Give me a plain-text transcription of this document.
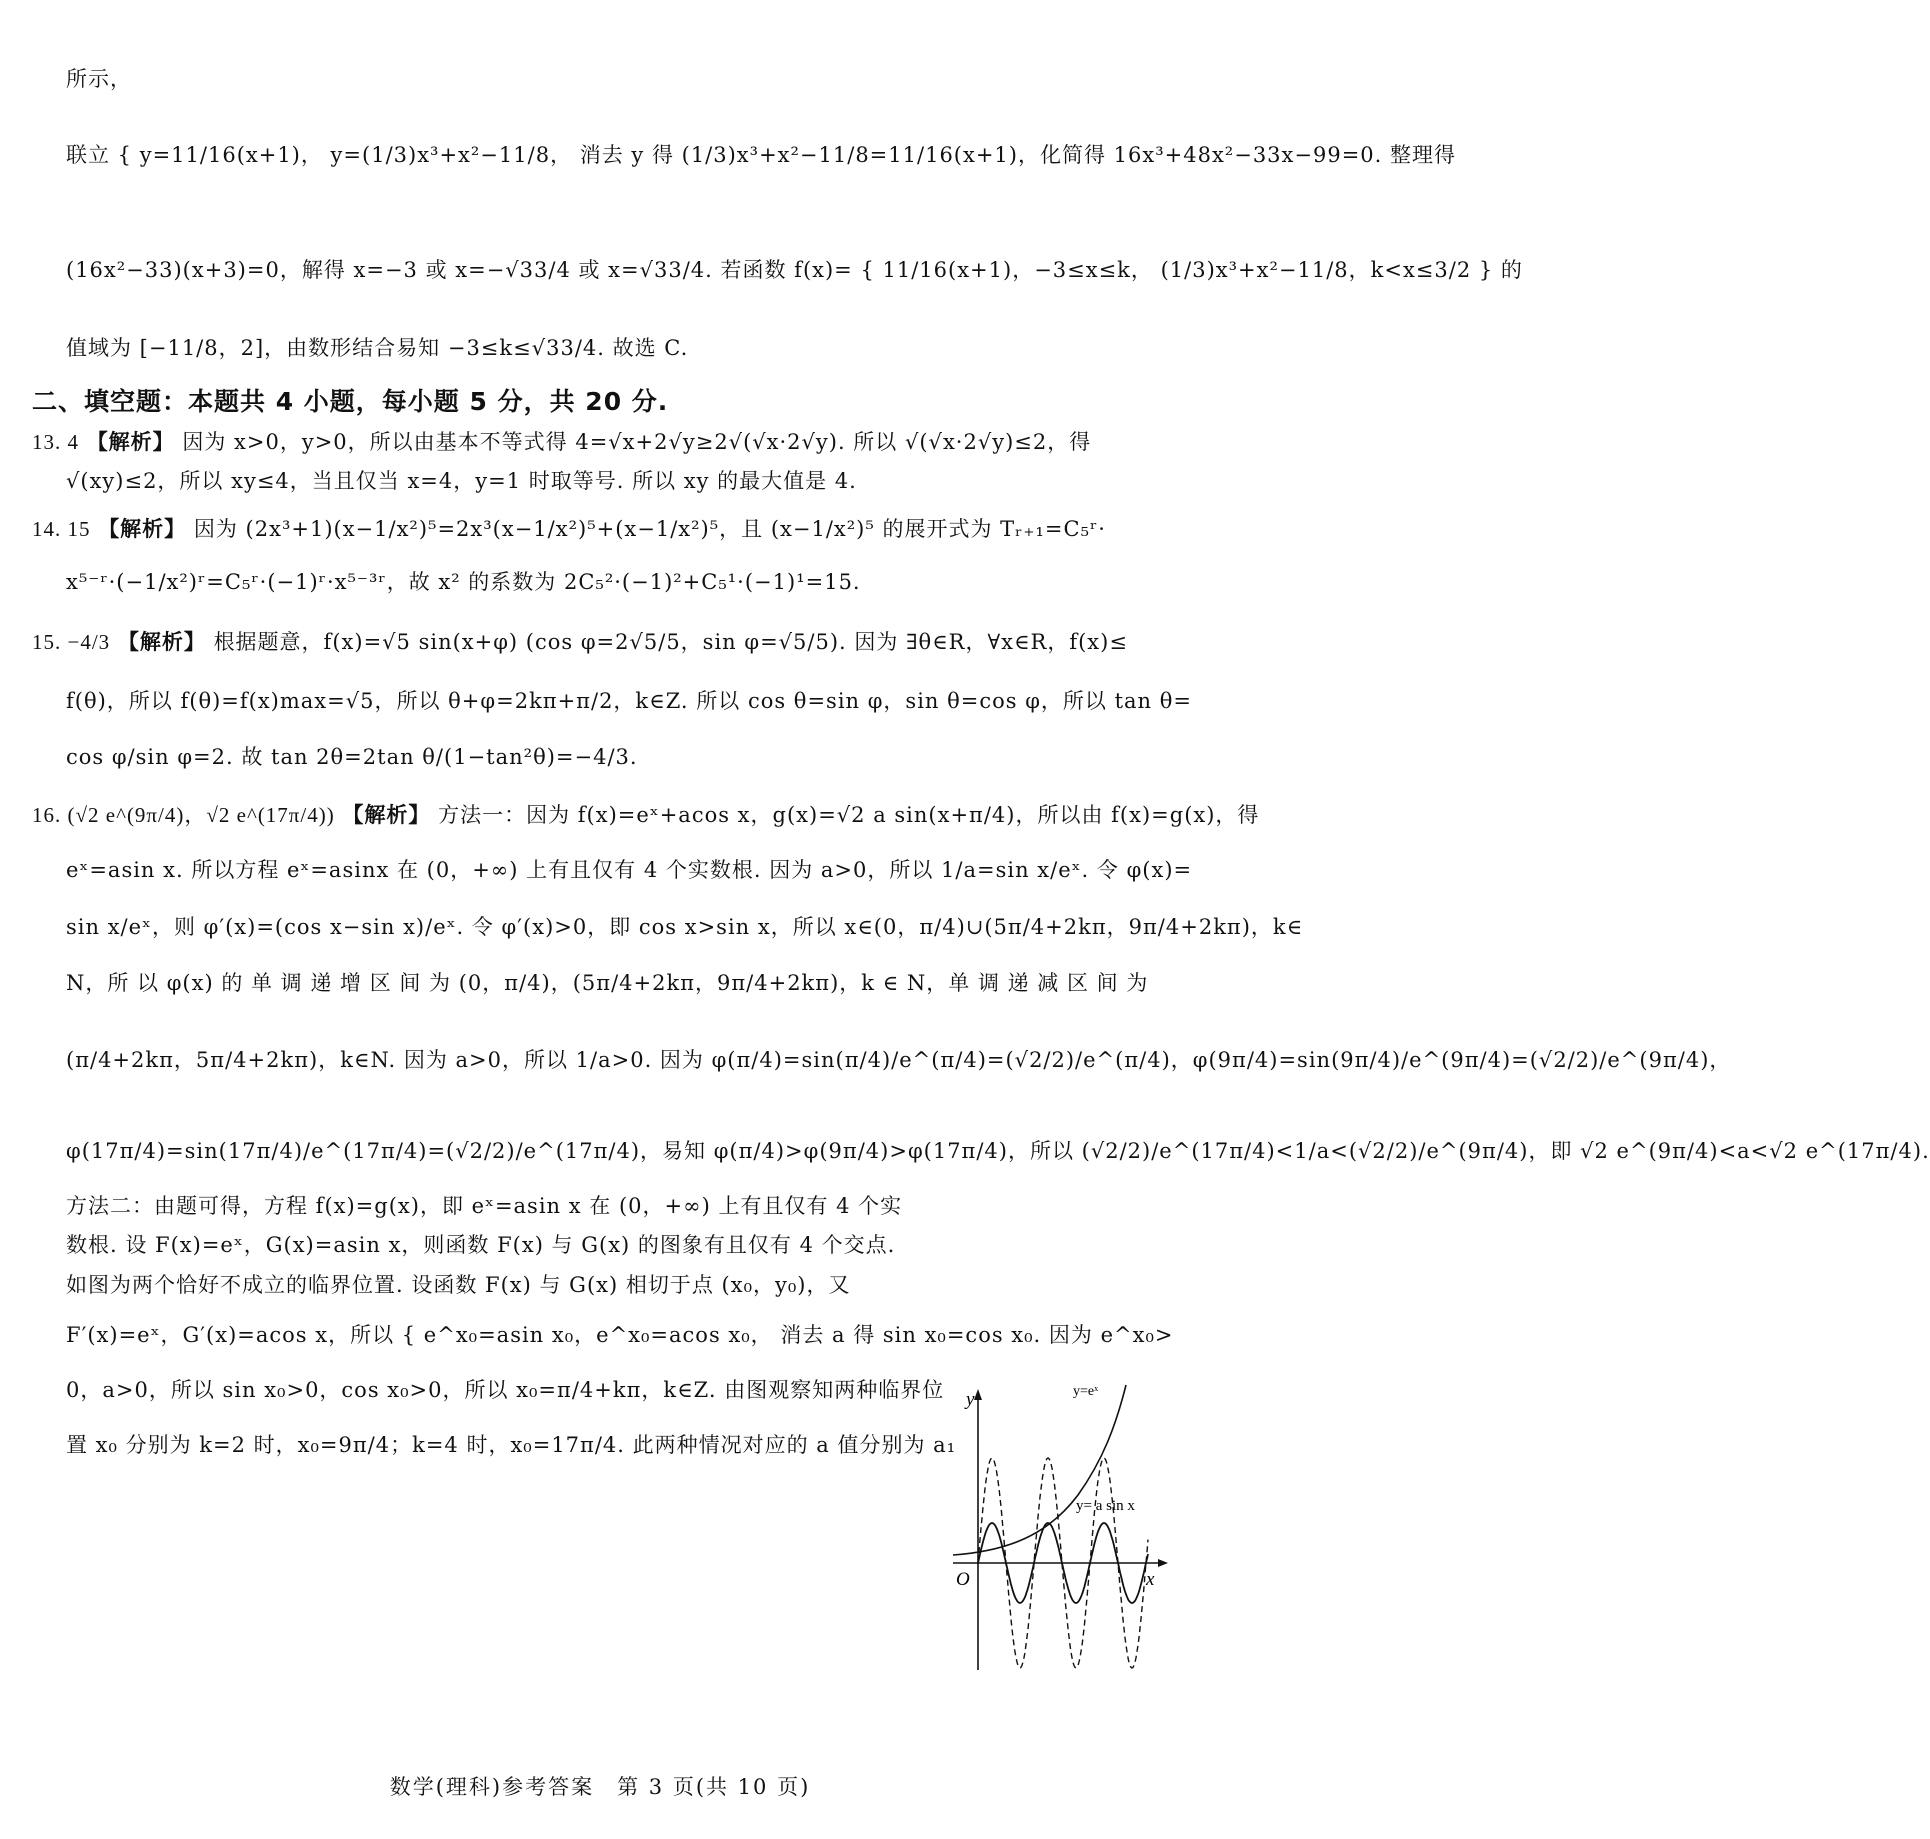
所示，
联立 { y=11/16(x+1)， y=(1/3)x³+x²−11/8， 消去 y 得 (1/3)x³+x²−11/8=11/16(x+1)，化简得 16x³+48x²−33x−99=0. 整理得
(16x²−33)(x+3)=0，解得 x=−3 或 x=−√33/4 或 x=√33/4. 若函数 f(x)= { 11/16(x+1)，−3≤x≤k， (1/3)x³+x²−11/8，k<x≤3/2 } 的
值域为 [−11/8，2]，由数形结合易知 −3≤k≤√33/4. 故选 C.
二、填空题：本题共 4 小题，每小题 5 分，共 20 分.
13. 4 【解析】 因为 x>0，y>0，所以由基本不等式得 4=√x+2√y≥2√(√x·2√y). 所以 √(√x·2√y)≤2，得
√(xy)≤2，所以 xy≤4，当且仅当 x=4，y=1 时取等号. 所以 xy 的最大值是 4.
14. 15 【解析】 因为 (2x³+1)(x−1/x²)⁵=2x³(x−1/x²)⁵+(x−1/x²)⁵，且 (x−1/x²)⁵ 的展开式为 Tᵣ₊₁=C₅ʳ·
x⁵⁻ʳ·(−1/x²)ʳ=C₅ʳ·(−1)ʳ·x⁵⁻³ʳ，故 x² 的系数为 2C₅²·(−1)²+C₅¹·(−1)¹=15.
15. −4/3 【解析】 根据题意，f(x)=√5 sin(x+φ) (cos φ=2√5/5，sin φ=√5/5). 因为 ∃θ∈R，∀x∈R，f(x)≤
f(θ)，所以 f(θ)=f(x)max=√5，所以 θ+φ=2kπ+π/2，k∈Z. 所以 cos θ=sin φ，sin θ=cos φ，所以 tan θ=
cos φ/sin φ=2. 故 tan 2θ=2tan θ/(1−tan²θ)=−4/3.
16. (√2 e^(9π/4)，√2 e^(17π/4)) 【解析】 方法一：因为 f(x)=eˣ+acos x，g(x)=√2 a sin(x+π/4)，所以由 f(x)=g(x)，得
eˣ=asin x. 所以方程 eˣ=asinx 在 (0，+∞) 上有且仅有 4 个实数根. 因为 a>0，所以 1/a=sin x/eˣ. 令 φ(x)=
sin x/eˣ，则 φ′(x)=(cos x−sin x)/eˣ. 令 φ′(x)>0，即 cos x>sin x，所以 x∈(0，π/4)∪(5π/4+2kπ，9π/4+2kπ)，k∈
N，所 以 φ(x) 的 单 调 递 增 区 间 为 (0，π/4)，(5π/4+2kπ，9π/4+2kπ)，k ∈ N，单 调 递 减 区 间 为
(π/4+2kπ，5π/4+2kπ)，k∈N. 因为 a>0，所以 1/a>0. 因为 φ(π/4)=sin(π/4)/e^(π/4)=(√2/2)/e^(π/4)，φ(9π/4)=sin(9π/4)/e^(9π/4)=(√2/2)/e^(9π/4)，
φ(17π/4)=sin(17π/4)/e^(17π/4)=(√2/2)/e^(17π/4)，易知 φ(π/4)>φ(9π/4)>φ(17π/4)，所以 (√2/2)/e^(17π/4)<1/a<(√2/2)/e^(9π/4)，即 √2 e^(9π/4)<a<√2 e^(17π/4).
方法二：由题可得，方程 f(x)=g(x)，即 eˣ=asin x 在 (0，+∞) 上有且仅有 4 个实
数根. 设 F(x)=eˣ，G(x)=asin x，则函数 F(x) 与 G(x) 的图象有且仅有 4 个交点.
如图为两个恰好不成立的临界位置. 设函数 F(x) 与 G(x) 相切于点 (x₀，y₀)，又
F′(x)=eˣ，G′(x)=acos x，所以 { e^x₀=asin x₀，e^x₀=acos x₀， 消去 a 得 sin x₀=cos x₀. 因为 e^x₀>
0，a>0，所以 sin x₀>0，cos x₀>0，所以 x₀=π/4+kπ，k∈Z. 由图观察知两种临界位
置 x₀ 分别为 k=2 时，x₀=9π/4；k=4 时，x₀=17π/4. 此两种情况对应的 a 值分别为 a₁
y
x
O
y=eˣ
y= a sin x
数学(理科)参考答案　第 3 页(共 10 页)
